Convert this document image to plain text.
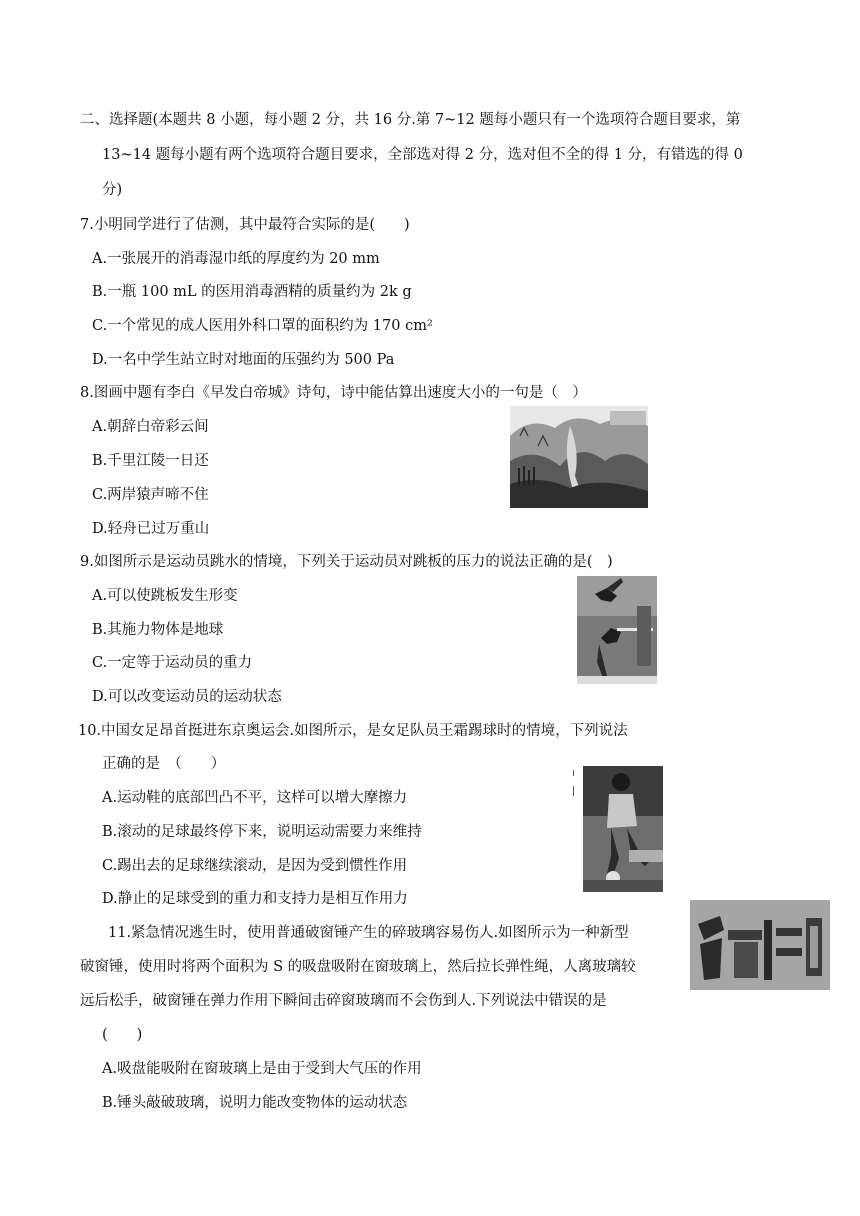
二、选择题(本题共 8 小题，每小题 2 分，共 16 分.第 7~12 题每小题只有一个选项符合题目要求，第
13~14 题每小题有两个选项符合题目要求，全部选对得 2 分，选对但不全的得 1 分，有错选的得 0
分)
7.小明同学进行了估测，其中最符合实际的是(　　)
A.一张展开的消毒湿巾纸的厚度约为 20 mm
B.一瓶 100 mL 的医用消毒酒精的质量约为 2k g
C.一个常见的成人医用外科口罩的面积约为 170 cm²
D.一名中学生站立时对地面的压强约为 500 Pa
8.图画中题有李白《早发白帝城》诗句，诗中能估算出速度大小的一句是（　）
A.朝辞白帝彩云间
B.千里江陵一日还
C.两岸猿声啼不住
D.轻舟已过万重山
9.如图所示是运动员跳水的情境，下列关于运动员对跳板的压力的说法正确的是(　)
A.可以使跳板发生形变
B.其施力物体是地球
C.一定等于运动员的重力
D.可以改变运动员的运动状态
10.中国女足昂首挺进东京奥运会.如图所示，是女足队员王霜踢球时的情境，下列说法
正确的是　（　　）
A.运动鞋的底部凹凸不平，这样可以增大摩擦力
B.滚动的足球最终停下来，说明运动需要力来维持
C.踢出去的足球继续滚动，是因为受到惯性作用
D.静止的足球受到的重力和支持力是相互作用力
11.紧急情况逃生时，使用普通破窗锤产生的碎玻璃容易伤人.如图所示为一种新型
破窗锤，使用时将两个面积为 S 的吸盘吸附在窗玻璃上，然后拉长弹性绳，人离玻璃较
远后松手，破窗锤在弹力作用下瞬间击碎窗玻璃而不会伤到人.下列说法中错误的是
(　　)
A.吸盘能吸附在窗玻璃上是由于受到大气压的作用
B.锤头敲破玻璃，说明力能改变物体的运动状态
